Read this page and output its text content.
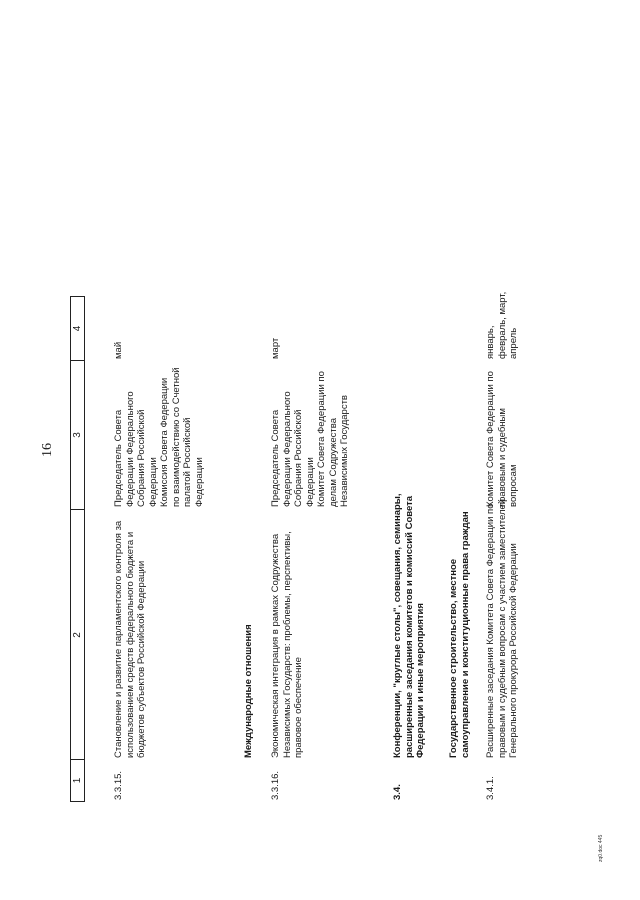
16
1
2
3
4
3.3.15.
Становление и развитие парламентского контроля за использованием средств федерального бюджета и бюджетов субъектов Российской Федерации
Председатель Совета Федерации Федерального Собрания Российской Федерации Комиссия Совета Федерации по взаимодействию со Счетной палатой Российской Федерации
май
Международные отношения
3.3.16.
Экономическая интеграция в рамках Содружества Независимых Государств: проблемы, перспективы, правовое обеспечение
Председатель Совета Федерации Федерального Собрания Российской Федерации Комитет Совета Федерации по делам Содружества Независимых Государств
март
3.4.
Конференции, "круглые столы", совещания, семинары, расширенные заседания комитетов и комиссий Совета Федерации и иные мероприятия Государственное строительство, местное самоуправление и конституционные права граждан
3.4.1.
Расширенные заседания Комитета Совета Федерации по правовым и судебным вопросам с участием заместителей Генерального прокурора Российской Федерации
Комитет Совета Федерации по правовым и судебным вопросам
январь, февраль, март, апрель
zq0.doc 445
